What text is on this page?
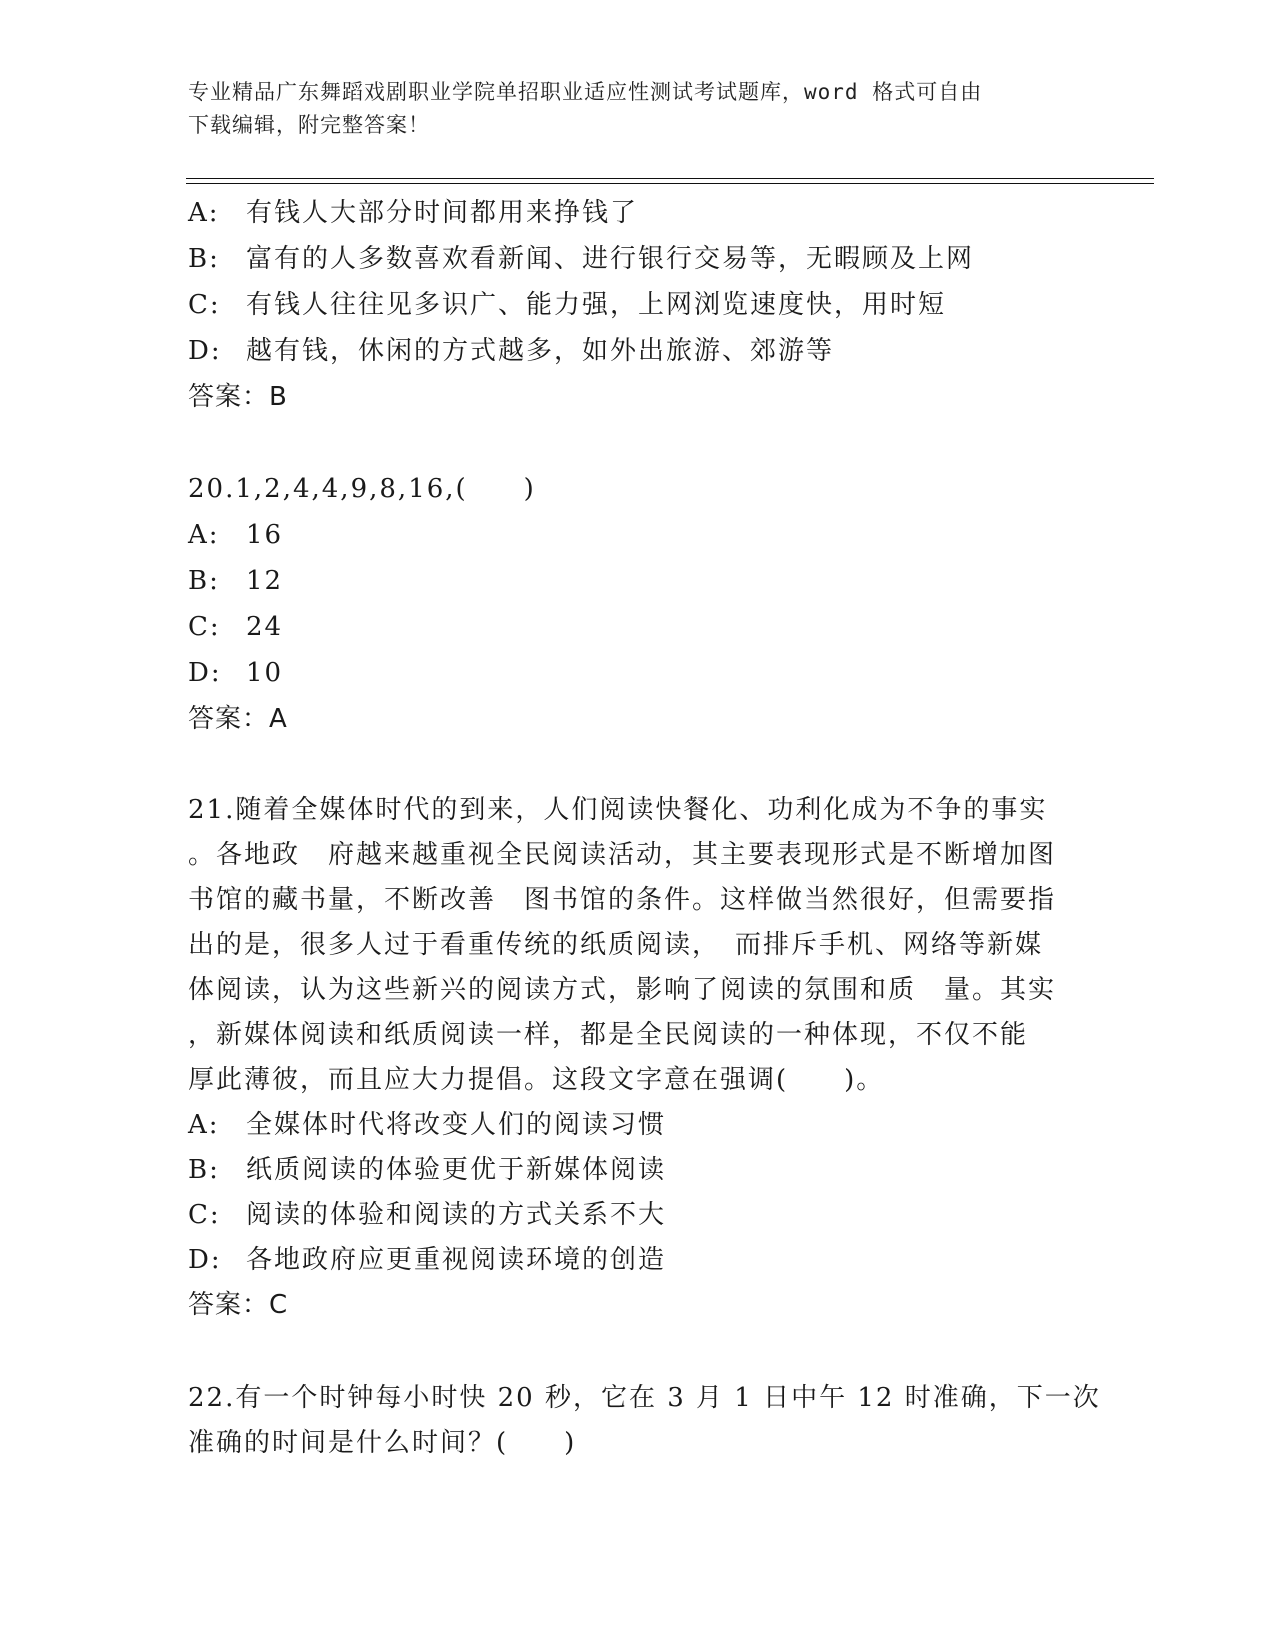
专业精品广东舞蹈戏剧职业学院单招职业适应性测试考试题库，word 格式可自由
下载编辑，附完整答案！
A: 有钱人大部分时间都用来挣钱了
B: 富有的人多数喜欢看新闻、进行银行交易等，无暇顾及上网
C: 有钱人往往见多识广、能力强，上网浏览速度快，用时短
D: 越有钱，休闲的方式越多，如外出旅游、郊游等
答案：B
20.1,2,4,4,9,8,16,(　　)
A: 16
B: 12
C: 24
D: 10
答案：A
21.随着全媒体时代的到来，人们阅读快餐化、功利化成为不争的事实
。各地政　府越来越重视全民阅读活动，其主要表现形式是不断增加图
书馆的藏书量，不断改善　图书馆的条件。这样做当然很好，但需要指
出的是，很多人过于看重传统的纸质阅读，　而排斥手机、网络等新媒
体阅读，认为这些新兴的阅读方式，影响了阅读的氛围和质　量。其实
，新媒体阅读和纸质阅读一样，都是全民阅读的一种体现，不仅不能
厚此薄彼，而且应大力提倡。这段文字意在强调(　　)。
A: 全媒体时代将改变人们的阅读习惯
B: 纸质阅读的体验更优于新媒体阅读
C: 阅读的体验和阅读的方式关系不大
D: 各地政府应更重视阅读环境的创造
答案：C
22.有一个时钟每小时快 20 秒，它在 3 月 1 日中午 12 时准确，下一次
准确的时间是什么时间？(　　)
